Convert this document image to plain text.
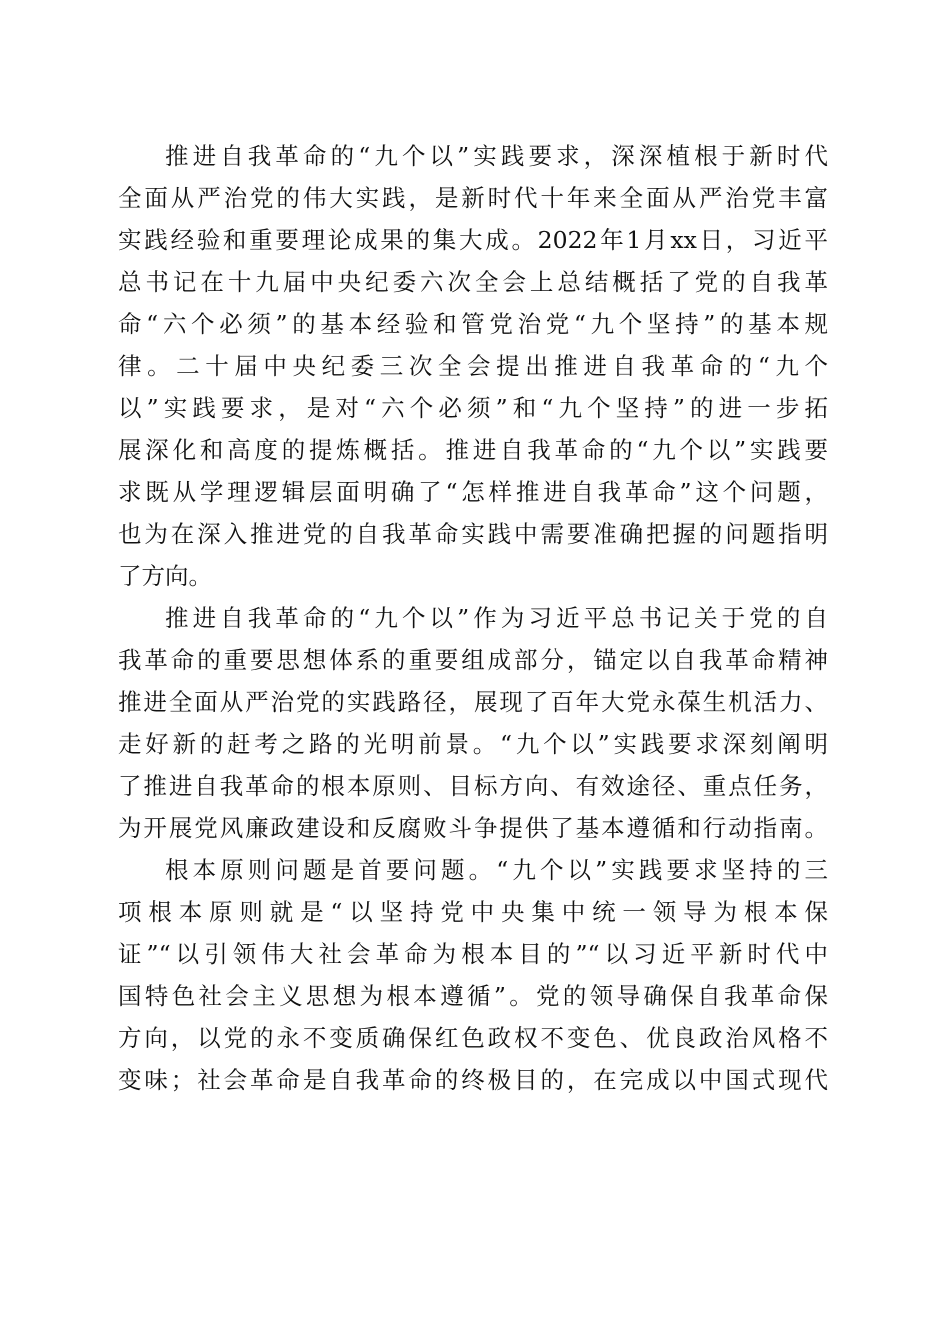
推进自我革命的“九个以”实践要求，深深植根于新时代
全面从严治党的伟大实践，是新时代十年来全面从严治党丰富
实践经验和重要理论成果的集大成。2022年1月xx日，习近平
总书记在十九届中央纪委六次全会上总结概括了党的自我革
命“六个必须”的基本经验和管党治党“九个坚持”的基本规
律。二十届中央纪委三次全会提出推进自我革命的“九个
以”实践要求，是对“六个必须”和“九个坚持”的进一步拓
展深化和高度的提炼概括。推进自我革命的“九个以”实践要
求既从学理逻辑层面明确了“怎样推进自我革命”这个问题，
也为在深入推进党的自我革命实践中需要准确把握的问题指明
了方向。
推进自我革命的“九个以”作为习近平总书记关于党的自
我革命的重要思想体系的重要组成部分，锚定以自我革命精神
推进全面从严治党的实践路径，展现了百年大党永葆生机活力、
走好新的赶考之路的光明前景。“九个以”实践要求深刻阐明
了推进自我革命的根本原则、目标方向、有效途径、重点任务，
为开展党风廉政建设和反腐败斗争提供了基本遵循和行动指南。
根本原则问题是首要问题。“九个以”实践要求坚持的三
项根本原则就是“以坚持党中央集中统一领导为根本保
证”“以引领伟大社会革命为根本目的”“以习近平新时代中
国特色社会主义思想为根本遵循”。党的领导确保自我革命保
方向，以党的永不变质确保红色政权不变色、优良政治风格不
变味；社会革命是自我革命的终极目的，在完成以中国式现代
